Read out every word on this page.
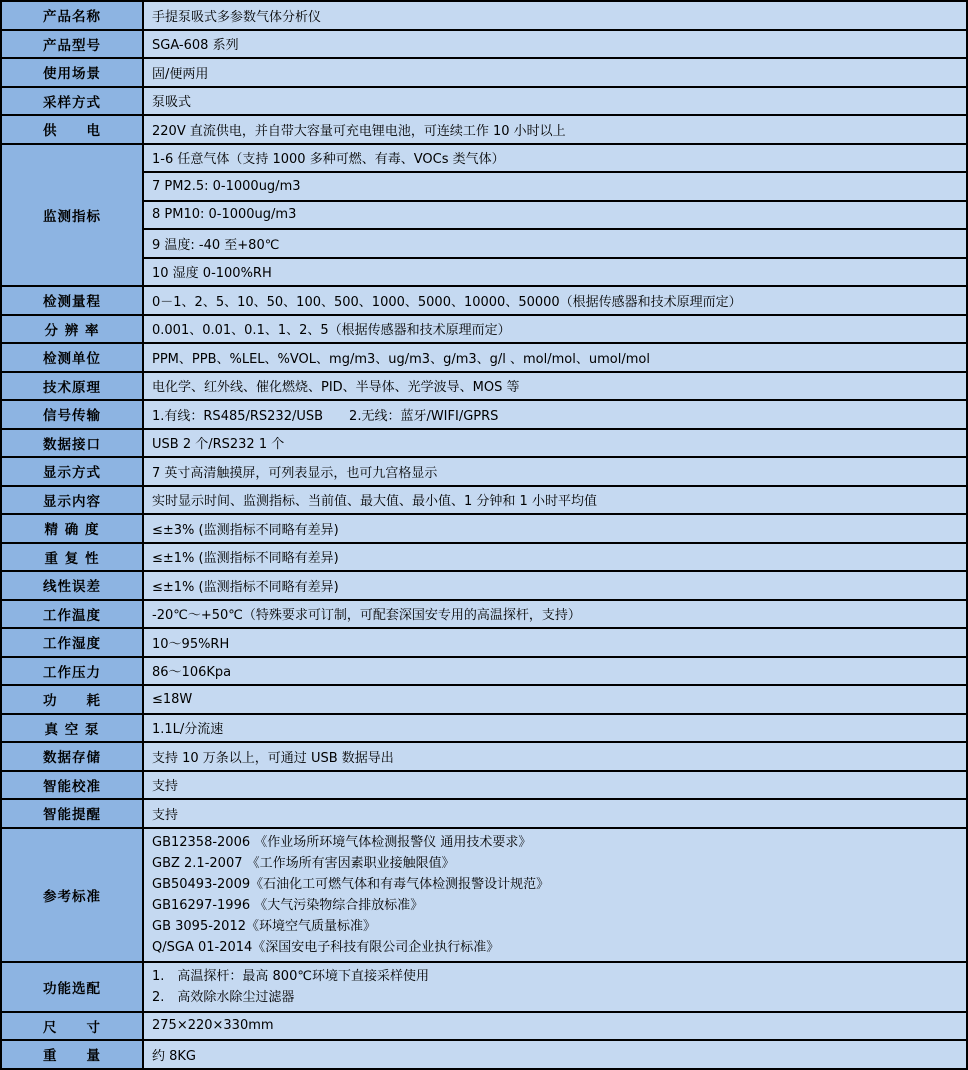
产品名称	手提泵吸式多参数气体分析仪
产品型号	SGA-608 系列
使用场景	固/便两用
采样方式	泵吸式
供　　电	220V 直流供电，并自带大容量可充电锂电池，可连续工作 10 小时以上
监测指标	1-6 任意气体（支持 1000 多种可燃、有毒、VOCs 类气体）
	7 PM2.5: 0-1000ug/m3
	8 PM10: 0-1000ug/m3
	9 温度: -40 至+80℃
	10 湿度 0-100%RH
检测量程	0－1、2、5、10、50、100、500、1000、5000、10000、50000（根据传感器和技术原理而定）
分 辨 率	0.001、0.01、0.1、1、2、5（根据传感器和技术原理而定）
检测单位	PPM、PPB、%LEL、%VOL、mg/m3、ug/m3、g/m3、g/l 、mol/mol、umol/mol
技术原理	电化学、红外线、催化燃烧、PID、半导体、光学波导、MOS 等
信号传输	1.有线：RS485/RS232/USB　　2.无线：蓝牙/WIFI/GPRS
数据接口	USB 2 个/RS232 1 个
显示方式	7 英寸高清触摸屏，可列表显示，也可九宫格显示
显示内容	实时显示时间、监测指标、当前值、最大值、最小值、1 分钟和 1 小时平均值
精 确 度	≤±3% (监测指标不同略有差异)
重 复 性	≤±1% (监测指标不同略有差异)
线性误差	≤±1% (监测指标不同略有差异)
工作温度	-20℃～+50℃（特殊要求可订制，可配套深国安专用的高温探杆，支持）
工作湿度	10～95%RH
工作压力	86～106Kpa
功　　耗	≤18W
真 空 泵	1.1L/分流速
数据存储	支持 10 万条以上，可通过 USB 数据导出
智能校准	支持
智能提醒	支持
参考标准	
GB12358-2006 《作业场所环境气体检测报警仪 通用技术要求》
GBZ 2.1-2007 《工作场所有害因素职业接触限值》
GB50493-2009《石油化工可燃气体和有毒气体检测报警设计规范》
GB16297-1996 《大气污染物综合排放标准》
GB 3095-2012《环境空气质量标准》
Q/SGA 01-2014《深国安电子科技有限公司企业执行标准》

功能选配	1.　高温探杆：最高 800℃环境下直接采样使用
2.　高效除水除尘过滤器

尺　　寸	275×220×330mm
重　　量	约 8KG
